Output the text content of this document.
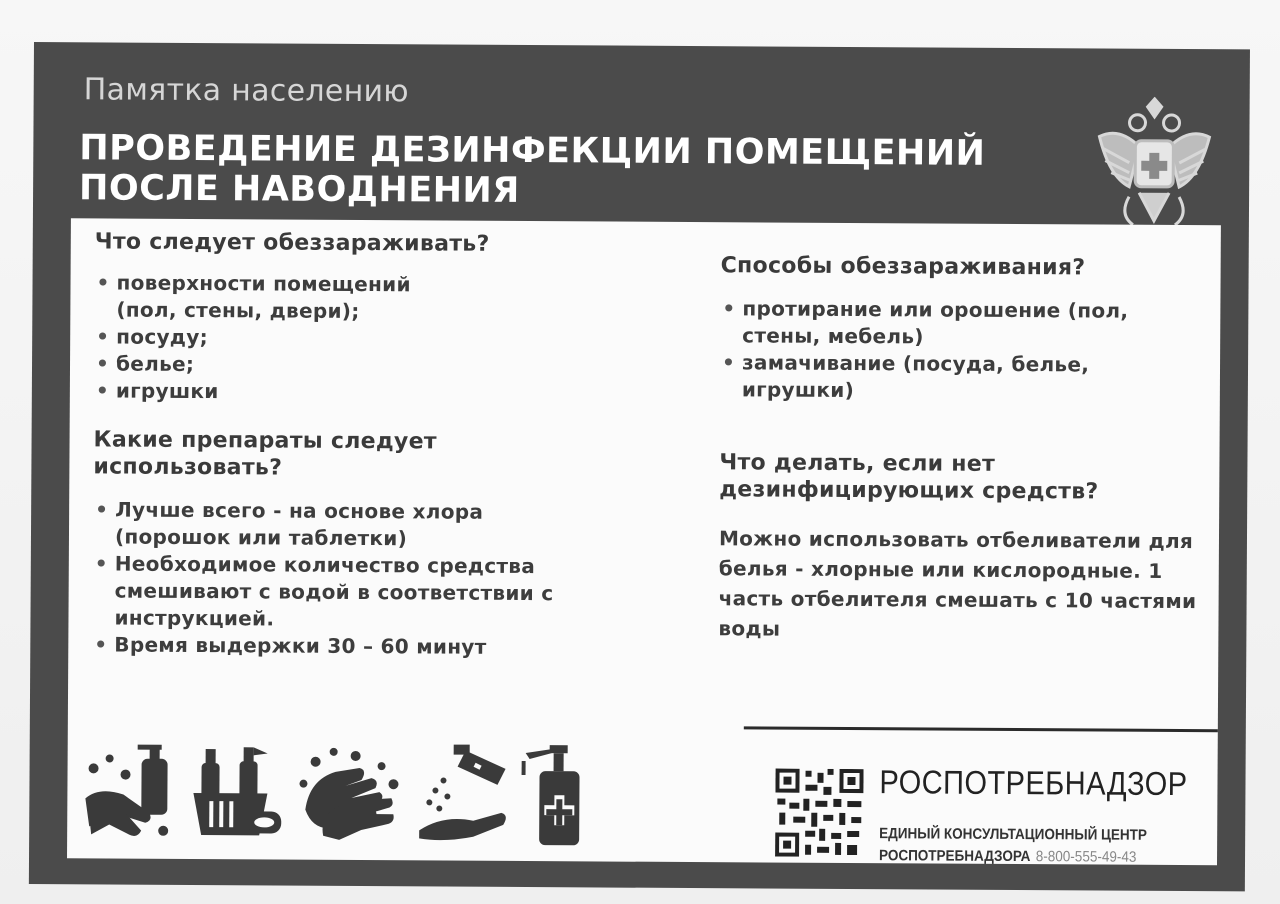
Памятка населению
ПРОВЕДЕНИЕ ДЕЗИНФЕКЦИИ ПОМЕЩЕНИЙ
ПОСЛЕ НАВОДНЕНИЯ
Что следует обеззараживать?
• поверхности помещений (пол, стены, двери);
• посуду;
• белье;
• игрушки
Какие препараты следует использовать?
• Лучше всего - на основе хлора (порошок или таблетки)
• Необходимое количество средства смешивают с водой в соответствии с инструкцией.
• Время выдержки 30 – 60 минут
Способы обеззараживания?
• протирание или орошение (пол, стены, мебель)
• замачивание (посуда, белье, игрушки)
Что делать, если нет дезинфицирующих средств?
Можно использовать отбеливатели для белья - хлорные или кислородные. 1 часть отбелителя смешать с 10 частями воды
РОСПОТРЕБНАДЗОР
ЕДИНЫЙ КОНСУЛЬТАЦИОННЫЙ ЦЕНТР
РОСПОТРЕБНАДЗОРА 8-800-555-49-43
